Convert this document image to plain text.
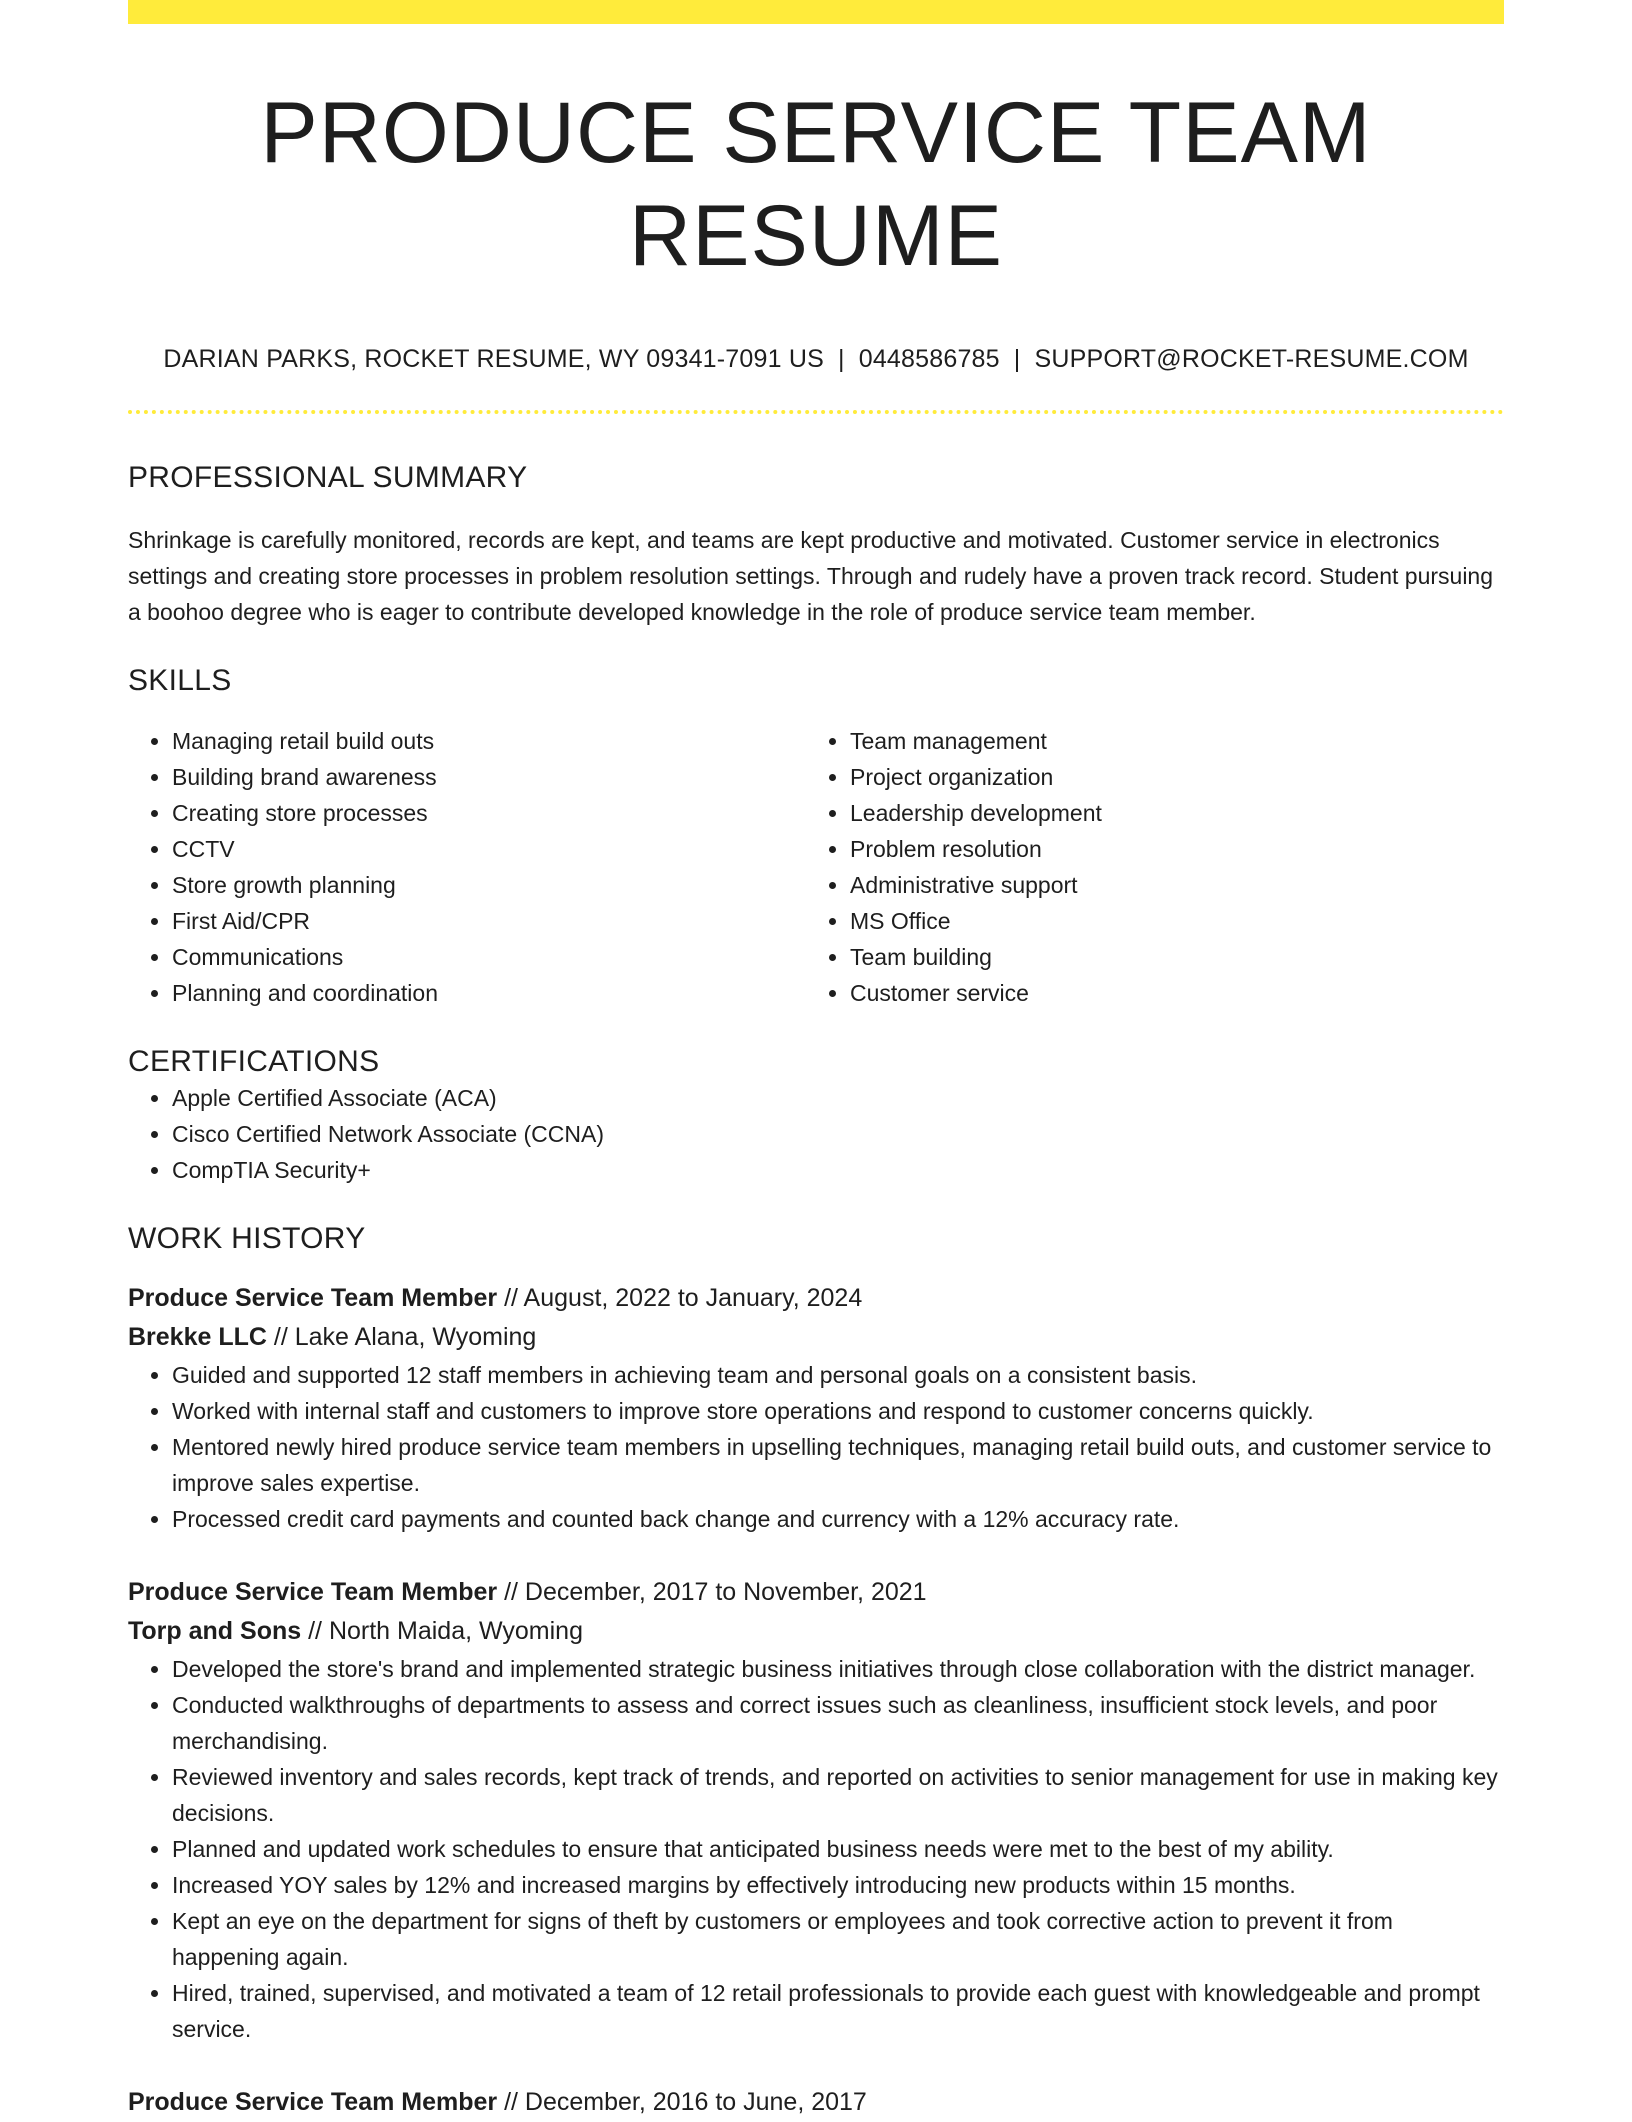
PRODUCE SERVICE TEAM RESUME
DARIAN PARKS, ROCKET RESUME, WY 09341-7091 US | 0448586785 | SUPPORT@ROCKET-RESUME.COM
PROFESSIONAL SUMMARY

Shrinkage is carefully monitored, records are kept, and teams are kept productive and motivated. Customer service in electronics settings and creating store processes in problem resolution settings. Through and rudely have a proven track record. Student pursuing a boohoo degree who is eager to contribute developed knowledge in the role of produce service team member.

SKILLS
• Managing retail build outs
• Building brand awareness
• Creating store processes
• CCTV
• Store growth planning
• First Aid/CPR
• Communications
• Planning and coordination
• Team management
• Project organization
• Leadership development
• Problem resolution
• Administrative support
• MS Office
• Team building
• Customer service
CERTIFICATIONS
• Apple Certified Associate (ACA)
• Cisco Certified Network Associate (CCNA)
• CompTIA Security+
WORK HISTORY
Produce Service Team Member // August, 2022 to January, 2024
Brekke LLC // Lake Alana, Wyoming
• Guided and supported 12 staff members in achieving team and personal goals on a consistent basis.
• Worked with internal staff and customers to improve store operations and respond to customer concerns quickly.
• Mentored newly hired produce service team members in upselling techniques, managing retail build outs, and customer service to improve sales expertise.
• Processed credit card payments and counted back change and currency with a 12% accuracy rate.
Produce Service Team Member // December, 2017 to November, 2021
Torp and Sons // North Maida, Wyoming
• Developed the store's brand and implemented strategic business initiatives through close collaboration with the district manager.
• Conducted walkthroughs of departments to assess and correct issues such as cleanliness, insufficient stock levels, and poor merchandising.
• Reviewed inventory and sales records, kept track of trends, and reported on activities to senior management for use in making key decisions.
• Planned and updated work schedules to ensure that anticipated business needs were met to the best of my ability.
• Increased YOY sales by 12% and increased margins by effectively introducing new products within 15 months.
• Kept an eye on the department for signs of theft by customers or employees and took corrective action to prevent it from happening again.
• Hired, trained, supervised, and motivated a team of 12 retail professionals to provide each guest with knowledgeable and prompt service.
Produce Service Team Member // December, 2016 to June, 2017
